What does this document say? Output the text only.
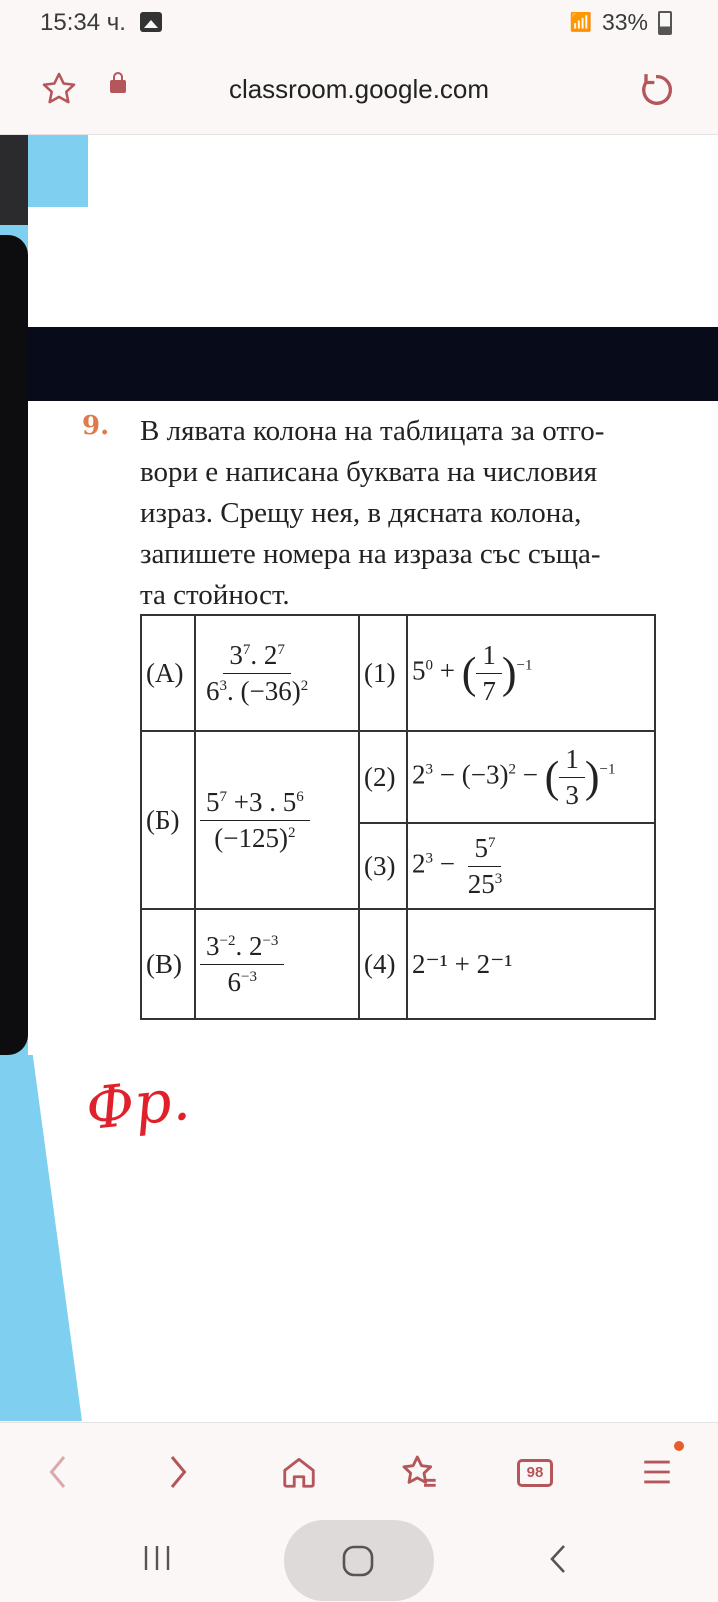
15:34 ч.	📶 33%
classroom.google.com
9. В лявата колона на таблицата за отго-
вори е написана буквата на числовия
израз. Срещу нея, в дясната колона,
запишете номера на израза със съща-
та стойност.
(А)	$\frac{3^7. 2^7}{6^3. (-36)^2}$	(1)	$5^0$ + ( $\frac{1}{7} )^{-1}$
(Б)	$\frac{5^7 +3 . 5^6}{(-125)^2}$	(2)	$2^3 - (-3)^2$ − ( $\frac{1}{3} )^{-1}$
		(3)	$2^3 - \frac{5^7}{25^3}$

(В)	$\frac{3^{-2}. 2^{-3}}{6^{-3}}$	(4)	2⁻¹ + 2⁻¹
Фр.
98
